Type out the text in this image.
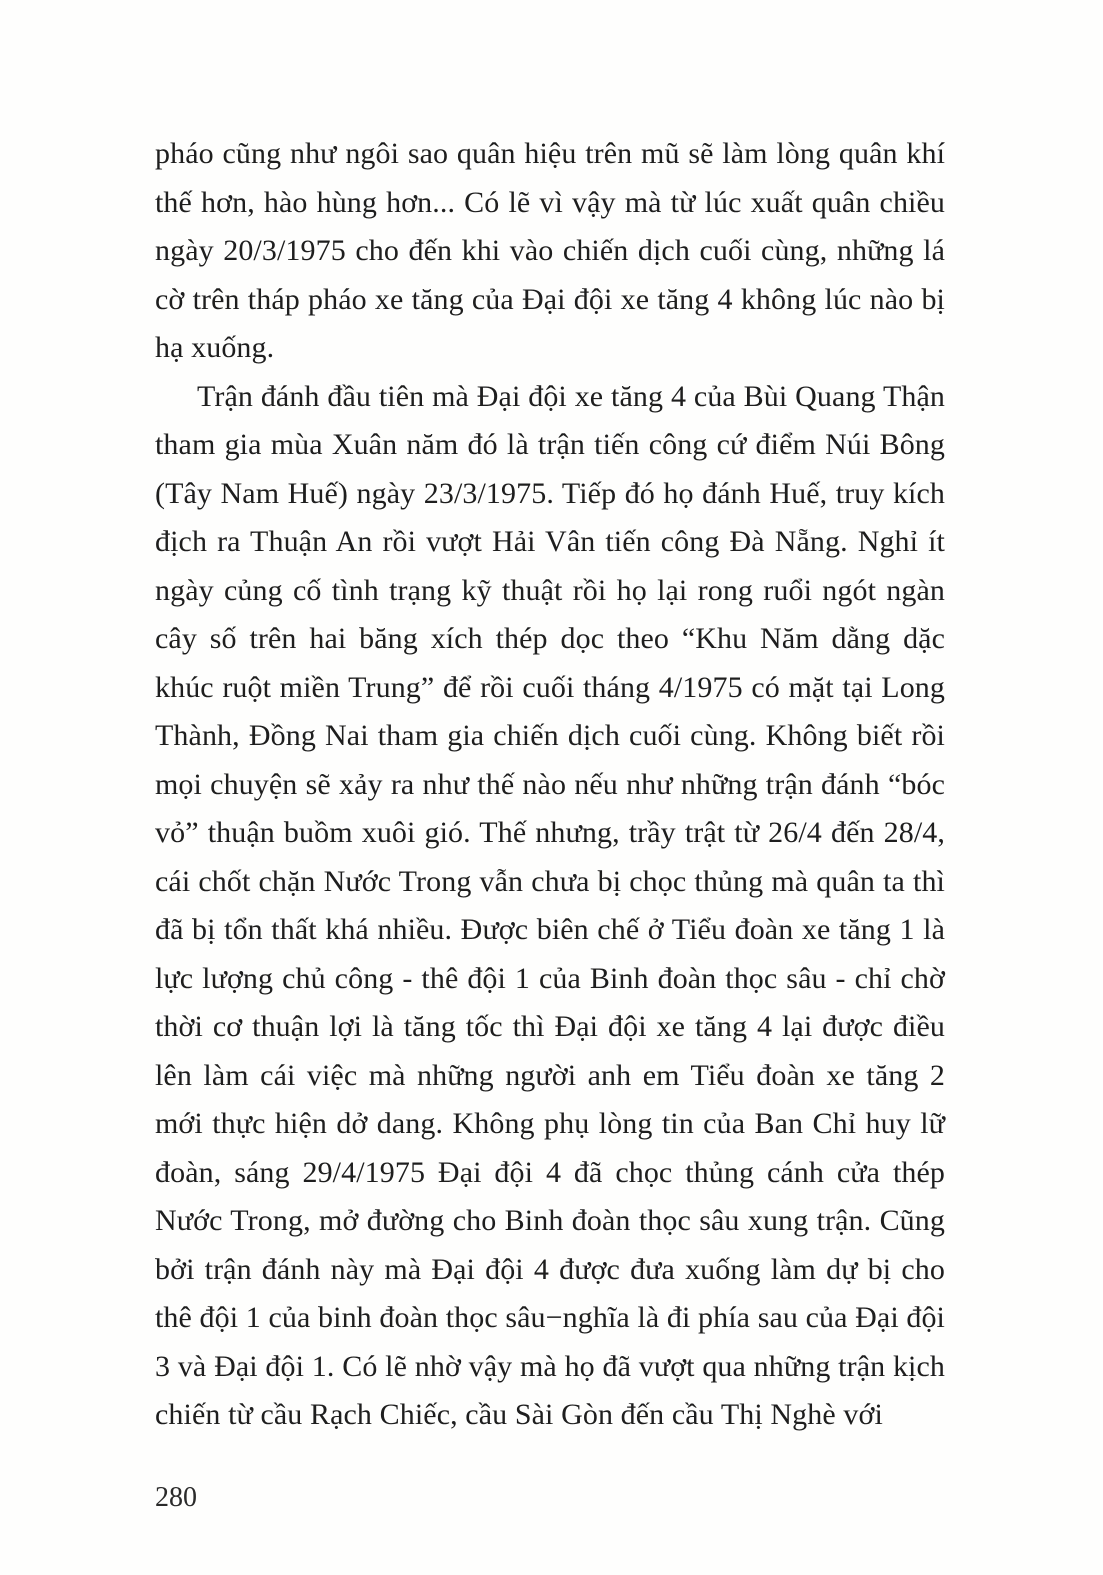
pháo cũng như ngôi sao quân hiệu trên mũ sẽ làm lòng quân khí thế hơn, hào hùng hơn... Có lẽ vì vậy mà từ lúc xuất quân chiều ngày 20/3/1975 cho đến khi vào chiến dịch cuối cùng, những lá cờ trên tháp pháo xe tăng của Đại đội xe tăng 4 không lúc nào bị hạ xuống.

Trận đánh đầu tiên mà Đại đội xe tăng 4 của Bùi Quang Thận tham gia mùa Xuân năm đó là trận tiến công cứ điểm Núi Bông (Tây Nam Huế) ngày 23/3/1975. Tiếp đó họ đánh Huế, truy kích địch ra Thuận An rồi vượt Hải Vân tiến công Đà Nẵng. Nghỉ ít ngày củng cố tình trạng kỹ thuật rồi họ lại rong ruổi ngót ngàn cây số trên hai băng xích thép dọc theo “Khu Năm dằng dặc khúc ruột miền Trung” để rồi cuối tháng 4/1975 có mặt tại Long Thành, Đồng Nai tham gia chiến dịch cuối cùng. Không biết rồi mọi chuyện sẽ xảy ra như thế nào nếu như những trận đánh “bóc vỏ” thuận buồm xuôi gió. Thế nhưng, trầy trật từ 26/4 đến 28/4, cái chốt chặn Nước Trong vẫn chưa bị chọc thủng mà quân ta thì đã bị tổn thất khá nhiều. Được biên chế ở Tiểu đoàn xe tăng 1 là lực lượng chủ công - thê đội 1 của Binh đoàn thọc sâu - chỉ chờ thời cơ thuận lợi là tăng tốc thì Đại đội xe tăng 4 lại được điều lên làm cái việc mà những người anh em Tiểu đoàn xe tăng 2 mới thực hiện dở dang. Không phụ lòng tin của Ban Chỉ huy lữ đoàn, sáng 29/4/1975 Đại đội 4 đã chọc thủng cánh cửa thép Nước Trong, mở đường cho Binh đoàn thọc sâu xung trận. Cũng bởi trận đánh này mà Đại đội 4 được đưa xuống làm dự bị cho thê đội 1 của binh đoàn thọc sâu−nghĩa là đi phía sau của Đại đội 3 và Đại đội 1. Có lẽ nhờ vậy mà họ đã vượt qua những trận kịch chiến từ cầu Rạch Chiếc, cầu Sài Gòn đến cầu Thị Nghè với

280
